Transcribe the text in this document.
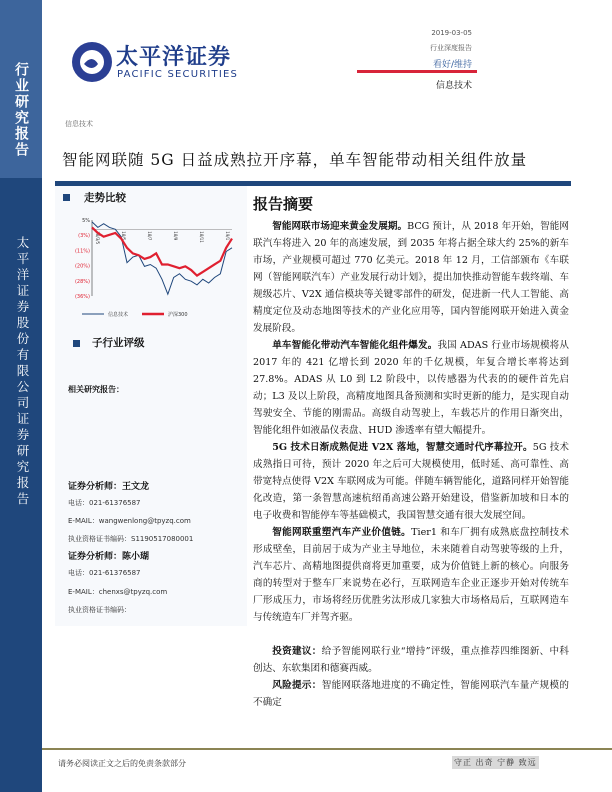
行业研究报告
太平洋证券股份有限公司证券研究报告
太平洋证券
PACIFIC SECURITIES
2019-03-05
行业深度报告
看好/维持
信息技术
信息技术
智能网联随 5G 日益成熟拉开序幕，单车智能带动相关组件放量
走势比较
5%
(3%)
(11%)
(20%)
(28%)
(36%)
18/3/5	18/5	18/7	18/9	18/11	19/1
信息技术	沪深300
子行业评级
相关研究报告：
证券分析师：王文龙
电话：021-61376587
E-MAIL：wangwenlong@tpyzq.com
执业资格证书编码：S1190517080001
证券分析师：陈小瑚
电话：021-61376587
E-MAIL：chenxs@tpyzq.com
执业资格证书编码：
报告摘要

智能网联市场迎来黄金发展期。BCG 预计，从 2018 年开始，智能网联汽车将进入 20 年的高速发展，到 2035 年将占据全球大约 25%的新车市场，产业规模可超过 770 亿美元。2018 年 12 月，工信部颁布《车联网（智能网联汽车）产业发展行动计划》，提出加快推动智能车载终端、车规级芯片、V2X 通信模块等关键零部件的研发，促进新一代人工智能、高精度定位及动态地图等技术的产业化应用等，国内智能网联开始进入黄金发展阶段。

单车智能化带动汽车智能化组件爆发。我国 ADAS 行业市场规模将从 2017 年的 421 亿增长到 2020 年的千亿规模，年复合增长率将达到 27.8%。ADAS 从 L0 到 L2 阶段中，以传感器为代表的的硬件首先启动；L3 及以上阶段，高精度地图具备预测和实时更新的能力，是实现自动驾驶安全、节能的刚需品。高级自动驾驶上，车载芯片的作用日渐突出，智能化组件如液晶仪表盘、HUD 渗透率有望大幅提升。

5G 技术日渐成熟促进 V2X 落地，智慧交通时代序幕拉开。5G 技术成熟指日可待，预计 2020 年之后可大规模使用，低时延、高可靠性、高带宽特点使得 V2X 车联网成为可能。伴随车辆智能化，道路同样开始智能化改造，第一条智慧高速杭绍甬高速公路开始建设，借鉴新加坡和日本的电子收费和智能停车等基础模式，我国智慧交通有很大发展空间。

智能网联重塑汽车产业价值链。Tier1 和车厂拥有成熟底盘控制技术形成壁垒，目前居于成为产业主导地位，未来随着自动驾驶等级的上升，汽车芯片、高精地图提供商将更加重要，成为价值链上新的核心。向服务商的转型对于整车厂来说势在必行，互联网造车企业正逐步开始对传统车厂形成压力，市场将经历优胜劣汰形成几家独大市场格局后，互联网造车与传统造车厂并驾齐驱。

投资建议：给予智能网联行业“增持”评级，重点推荐四维图新、中科创达、东软集团和德赛西威。

风险提示：智能网联落地进度的不确定性，智能网联汽车量产规模的不确定

请务必阅读正文之后的免责条款部分	守正 出奇 宁静 致远
